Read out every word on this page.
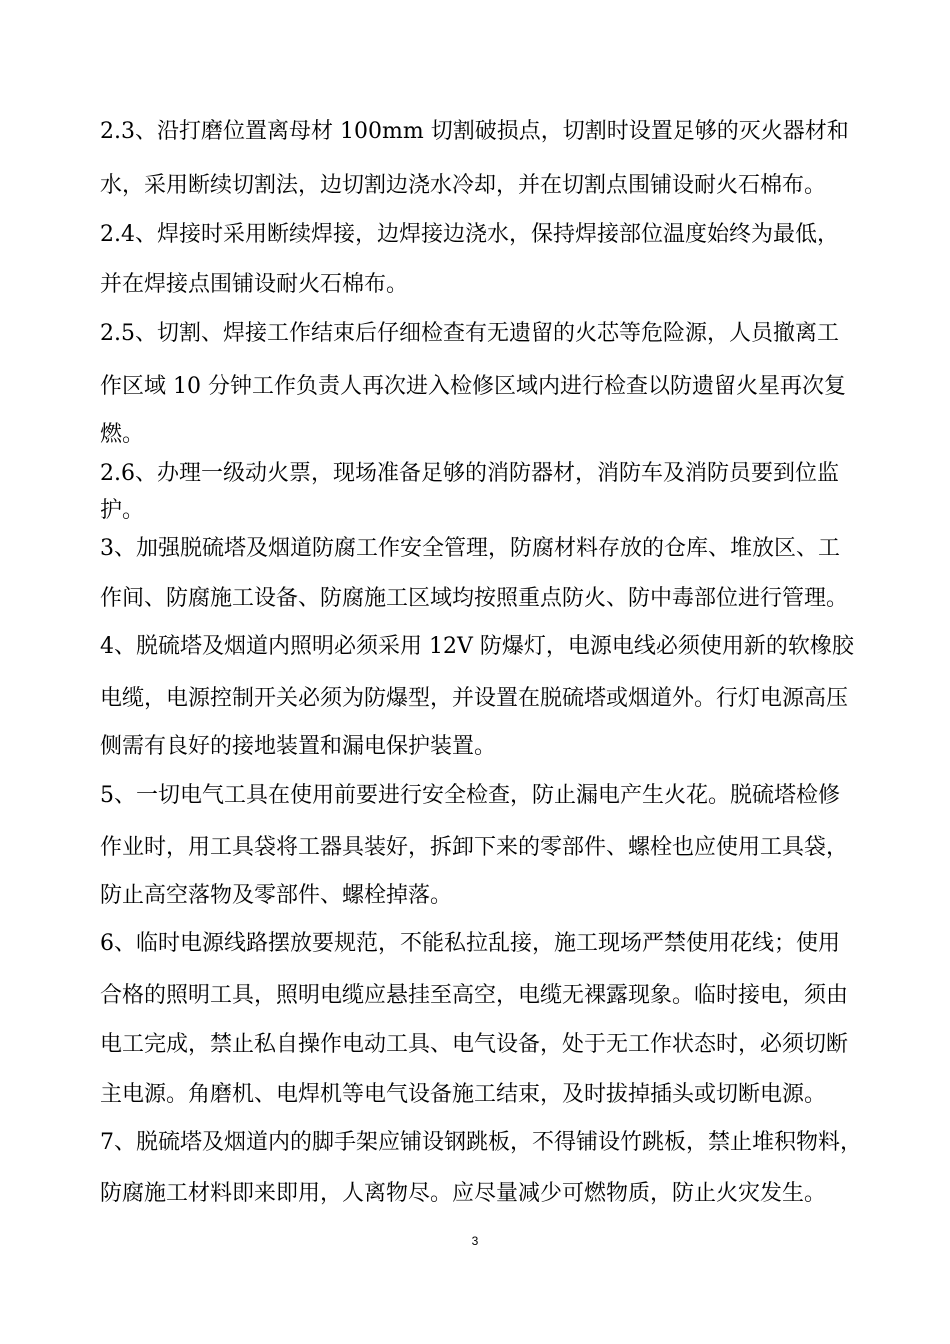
2.3、沿打磨位置离母材 100mm 切割破损点，切割时设置足够的灭火器材和
水，采用断续切割法，边切割边浇水冷却，并在切割点围铺设耐火石棉布。
2.4、焊接时采用断续焊接，边焊接边浇水，保持焊接部位温度始终为最低，
并在焊接点围铺设耐火石棉布。
2.5、切割、焊接工作结束后仔细检查有无遗留的火芯等危险源，人员撤离工
作区域 10 分钟工作负责人再次进入检修区域内进行检查以防遗留火星再次复
燃。
2.6、办理一级动火票，现场准备足够的消防器材，消防车及消防员要到位监
护。
3、加强脱硫塔及烟道防腐工作安全管理，防腐材料存放的仓库、堆放区、工
作间、防腐施工设备、防腐施工区域均按照重点防火、防中毒部位进行管理。
4、脱硫塔及烟道内照明必须采用 12V 防爆灯，电源电线必须使用新的软橡胶
电缆，电源控制开关必须为防爆型，并设置在脱硫塔或烟道外。行灯电源高压
侧需有良好的接地装置和漏电保护装置。
5、一切电气工具在使用前要进行安全检查，防止漏电产生火花。脱硫塔检修
作业时，用工具袋将工器具装好，拆卸下来的零部件、螺栓也应使用工具袋，
防止高空落物及零部件、螺栓掉落。
6、临时电源线路摆放要规范，不能私拉乱接，施工现场严禁使用花线；使用
合格的照明工具，照明电缆应悬挂至高空，电缆无裸露现象。临时接电，须由
电工完成，禁止私自操作电动工具、电气设备，处于无工作状态时，必须切断
主电源。角磨机、电焊机等电气设备施工结束，及时拔掉插头或切断电源。
7、脱硫塔及烟道内的脚手架应铺设钢跳板，不得铺设竹跳板，禁止堆积物料，
防腐施工材料即来即用，人离物尽。应尽量减少可燃物质，防止火灾发生。
3
